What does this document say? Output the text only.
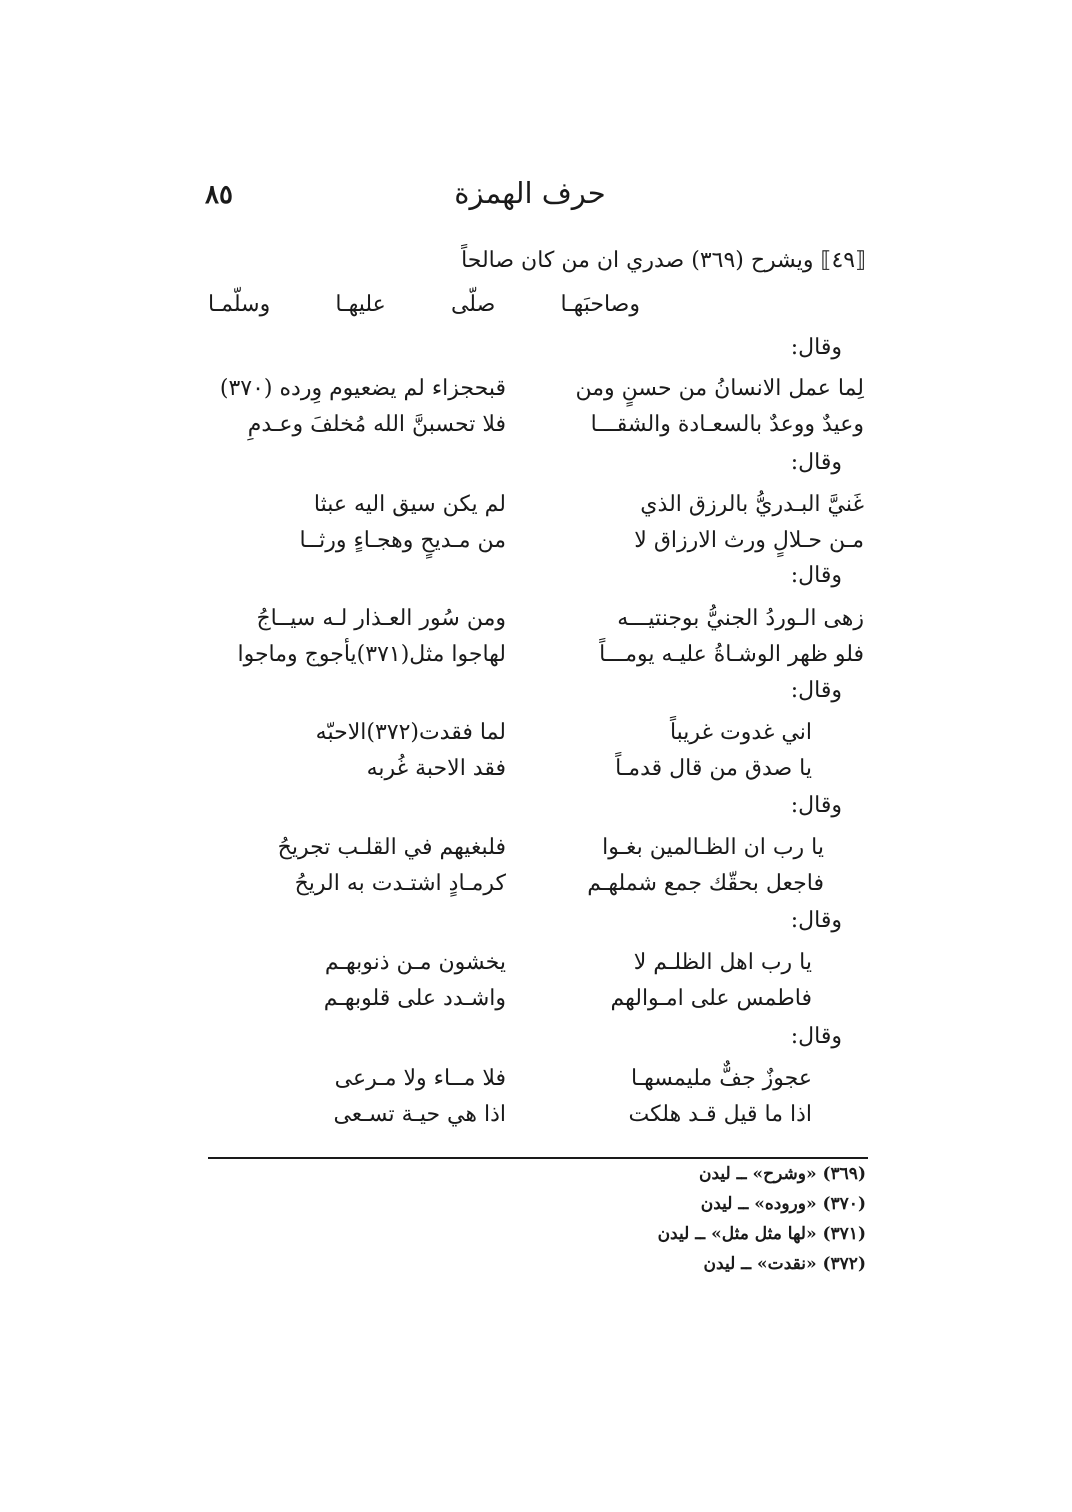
حرف الهمزة
٨٥
⟦٤٩⟧ ويشرح (٣٦٩) صدري ان من كان صالحاً
وصاحبَهـا
صلّى
عليهـا
وسلّمـا
وقال:
لِما عمل الانسانُ من حسنٍ ومن
قبحجزاء لم يضعيوم وِرده (٣٧٠)
وعيدٌ ووعدٌ بالسعـادة والشقـــا
فلا تحسبنَّ الله مُخلفَ وعـدمِ
وقال:
غَنيَّ البـدريُّ بالرزق الذي
لم يكن سيق اليه عبثا
مـن حـلالٍ ورث الارزاق لا
من مـديحٍ وهجـاءٍ ورثــا
وقال:
زهى الـوردُ الجنيُّ بوجنتيـــه
ومن سُور العـذار لـه سيــاجُ
فلو ظهر الوشـاةُ عليـه يومـــاً
لهاجوا مثل(٣٧١)يأجوج وماجوا
وقال:
اني غدوت غريباً
لما فقدت(٣٧٢)الاحبّه
يا صدق من قال قدمـاً
فقد الاحبة غُربه
وقال:
يا رب ان الظـالمين بغـوا
فلبغيهم في القلـب تجريحُ
فاجعل بحقّك جمع شملهـم
كرمـادٍ اشتـدت به الريحُ
وقال:
يا رب اهل الظلـم لا
يخشون مـن ذنوبهـم
فاطمس على امـوالهم
واشـدد على قلوبهـم
وقال:
عجوزٌ جفٌّ مليمسهـا
فلا مــاء ولا مـرعى
اذا ما قيل قـد هلكت
اذا هي حيـة تسـعى
(٣٦٩) «وشرح» ــ ليدن
(٣٧٠) «وروده» ــ ليدن
(٣٧١) «لها مثل مثل» ــ ليدن
(٣٧٢) «نقدت» ــ ليدن
